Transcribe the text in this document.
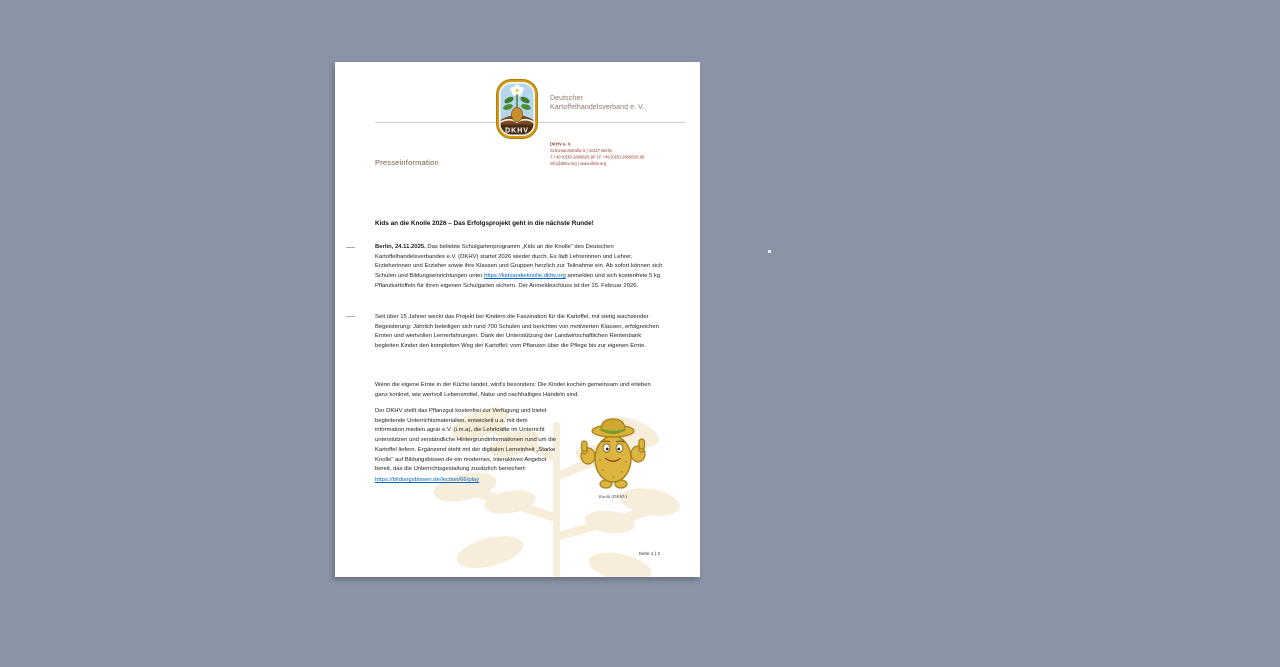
DKHV
Deutscher
Kartoffelhandelsverband e. V.
DKHV e. V.
Schumannstraße 5 | 10117 Berlin
T +49 (0)30-1869820-90 | F +49 (0)30-1869820-99
info@dkhv.org | www.dkhv.org
Presseinformation
Kids an die Knolle 2026 – Das Erfolgsprojekt geht in die nächste Runde!
Berlin, 24.11.2025. Das beliebte Schulgartenprogramm „Kids an die Knolle“ des Deutschen Kartoffelhandelsverbandes e.V. (DKHV) startet 2026 wieder durch. Es lädt Lehrerinnen und Lehrer, Erzieherinnen und Erzieher sowie ihre Klassen und Gruppen herzlich zur Teilnahme ein. Ab sofort können sich Schulen und Bildungseinrichtungen unter https://kidsandieknolle.dkhv.org anmelden und sich kostenfreie 5 kg Pflanzkartoffeln für ihren eigenen Schulgarten sichern. Der Anmeldeschluss ist der 15. Februar 2026.
Seit über 15 Jahren weckt das Projekt bei Kindern die Faszination für die Kartoffel, mit stetig wachsender Begeisterung: Jährlich beteiligen sich rund 700 Schulen und berichten von motivierten Klassen, erfolgreichen Ernten und wertvollen Lernerfahrungen. Dank der Unterstützung der Landwirtschaftlichen Rentenbank begleiten Kinder den kompletten Weg der Kartoffel: vom Pflanzen über die Pflege bis zur eigenen Ernte.
Wenn die eigene Ernte in der Küche landet, wird's besonders: Die Kinder kochen gemeinsam und erleben ganz konkret, wie wertvoll Lebensmittel, Natur und nachhaltiges Handeln sind.
Der DKHV stellt das Pflanzgut kostenfrei zur Verfügung und bietet begleitende Unterrichtsmaterialien, entwickelt u.a. mit dem information.medien.agrar e.V. (i.m.a), die Lehrkräfte im Unterricht unterstützen und verständliche Hintergrundinformationen rund um die Kartoffel liefern. Ergänzend steht mit der digitalen Lerneinheit „Starke Knolle“ auf Bildungsbissen.de ein modernes, interaktives Angebot bereit, das die Unterrichtsgestaltung zusätzlich bereichert: https://bildungsbissen.de/lection/66/play
Knolli (DKHV)
Seite 1 | 2
